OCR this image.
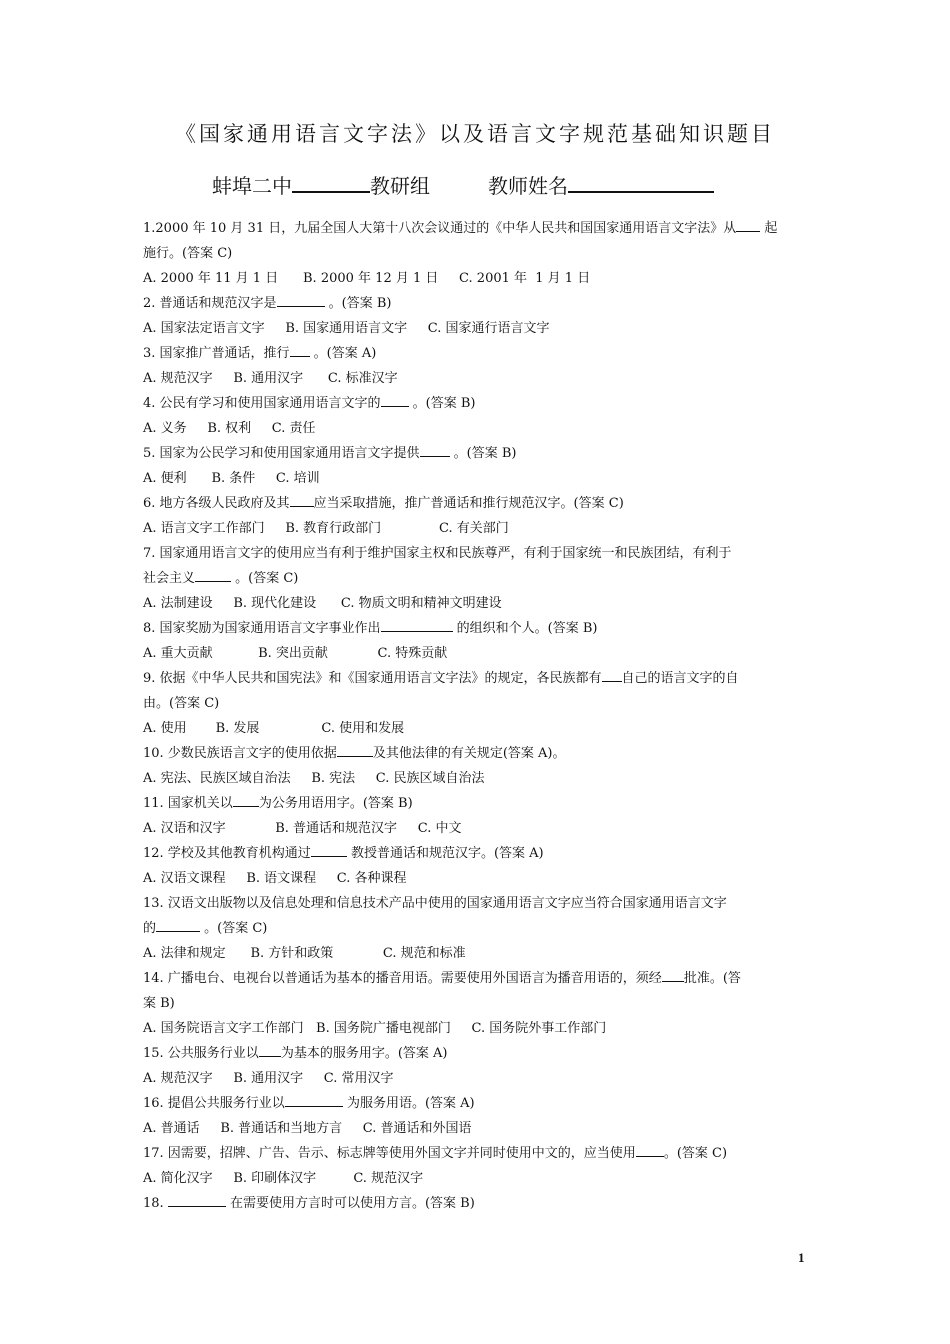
《国家通用语言文字法》以及语言文字规范基础知识题目
蚌埠二中	教研组	教师姓名
1.2000 年 10 月 31 日，九届全国人大第十八次会议通过的《中华人民共和国国家通用语言文字法》从 起
施行。(答案 C)
A. 2000 年 11 月 1 日      B. 2000 年 12 月 1 日     C. 2001 年  1 月 1 日
2. 普通话和规范汉字是	。(答案 B)
A. 国家法定语言文字     B. 国家通用语言文字     C. 国家通行语言文字
3. 国家推广普通话，推行 。(答案 A)
A. 规范汉字     B. 通用汉字      C. 标准汉字
4. 公民有学习和使用国家通用语言文字的 。(答案 B)
A. 义务     B. 权利     C. 责任
5. 国家为公民学习和使用国家通用语言文字提供 。(答案 B)
A. 便利      B. 条件     C. 培训
6. 地方各级人民政府及其 应当采取措施，推广普通话和推行规范汉字。(答案 C)
A. 语言文字工作部门     B. 教育行政部门              C. 有关部门
7. 国家通用语言文字的使用应当有利于维护国家主权和民族尊严，有利于国家统一和民族团结，有利于
社会主义	。(答案 C)
A. 法制建设     B. 现代化建设      C. 物质文明和精神文明建设
8. 国家奖励为国家通用语言文字事业作出	的组织和个人。(答案 B)
A. 重大贡献           B. 突出贡献            C. 特殊贡献
9. 依据《中华人民共和国宪法》和《国家通用语言文字法》的规定，各民族都有 自己的语言文字的自
由。(答案 C)
A. 使用       B. 发展               C. 使用和发展
10. 少数民族语言文字的使用依据	及其他法律的有关规定(答案 A)。
A. 宪法、民族区域自治法     B. 宪法     C. 民族区域自治法
11. 国家机关以 为公务用语用字。(答案 B)
A. 汉语和汉字            B. 普通话和规范汉字     C. 中文
12. 学校及其他教育机构通过	教授普通话和规范汉字。(答案 A)
A. 汉语文课程     B. 语文课程     C. 各种课程
13. 汉语文出版物以及信息处理和信息技术产品中使用的国家通用语言文字应当符合国家通用语言文字
的	。(答案 C)
A. 法律和规定      B. 方针和政策            C. 规范和标准
14. 广播电台、电视台以普通话为基本的播音用语。需要使用外国语言为播音用语的，须经 批准。(答
案 B)
A. 国务院语言文字工作部门   B. 国务院广播电视部门     C. 国务院外事工作部门
15. 公共服务行业以 为基本的服务用字。(答案 A)
A. 规范汉字     B. 通用汉字     C. 常用汉字
16. 提倡公共服务行业以	为服务用语。(答案 A)
A. 普通话     B. 普通话和当地方言     C. 普通话和外国语
17. 因需要，招牌、广告、告示、标志牌等使用外国文字并同时使用中文的，应当使用 。(答案 C)
A. 简化汉字     B. 印刷体汉字         C. 规范汉字
18.	在需要使用方言时可以使用方言。(答案 B)
1
